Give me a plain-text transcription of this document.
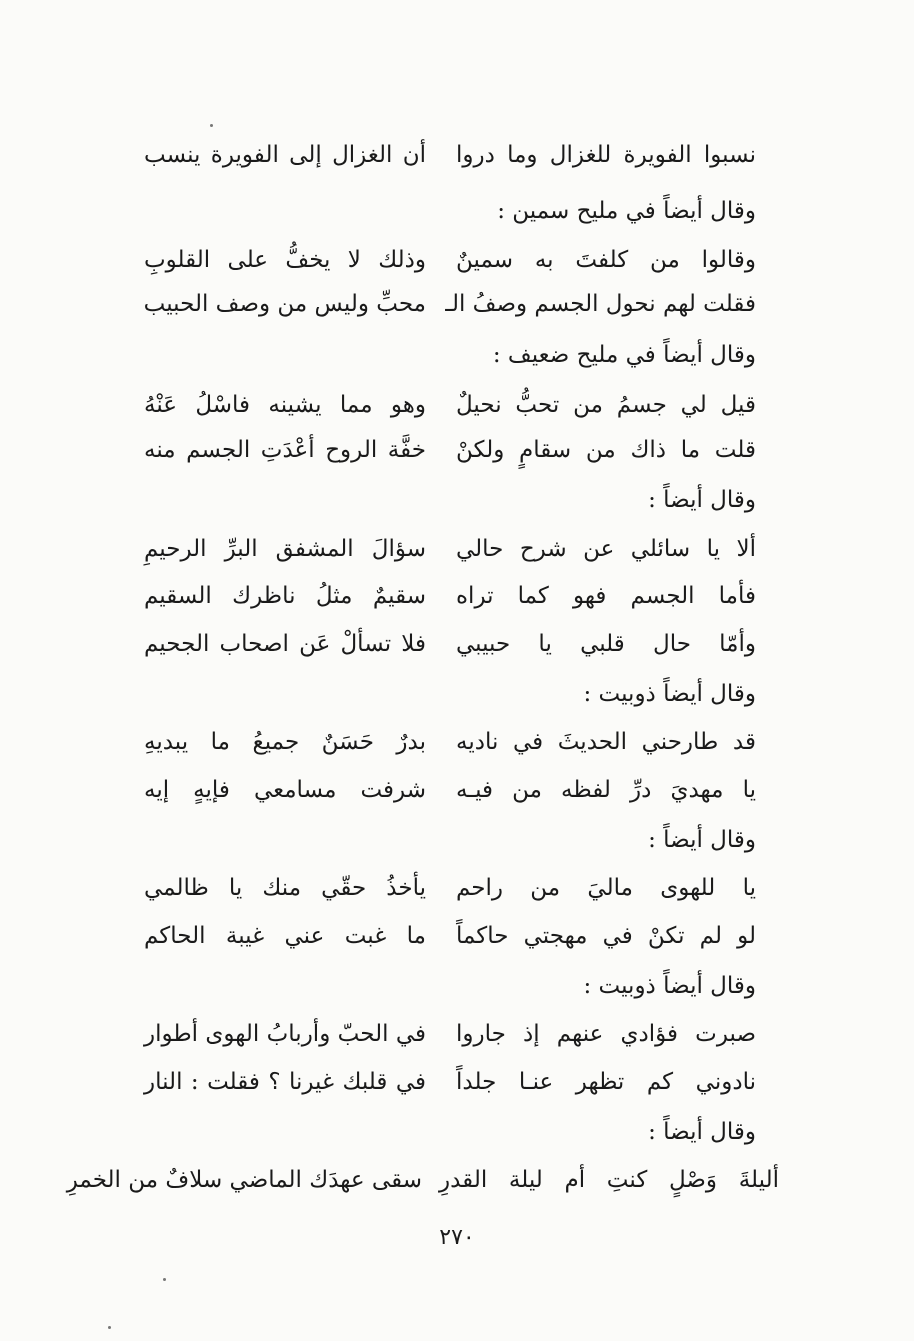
نسبوا الفويرة للغزال وما دروا
أن الغزال إلى الفويرة ينسب
وقال أيضاً في مليح سمين :
وقالوا من كلفتَ به سمينٌ
وذلك لا يخفُّ على القلوبِ
فقلت لهم نحول الجسم وصفُ الـ
محبِّ وليس من وصف الحبيب
وقال أيضاً في مليح ضعيف :
قيل لي جسمُ من تحبُّ نحيلٌ
وهو مما يشينه فاسْلُ عَنْهُ
قلت ما ذاك من سقامٍ ولكنْ
خفَّة الروح أعْدَتِ الجسم منه
وقال أيضاً :
ألا يا سائلي عن شرح حالي
سؤالَ المشفق البرِّ الرحيمِ
فأما الجسم فهو كما تراه
سقيمٌ مثلُ ناظرك السقيم
وأمّا حال قلبي يا حبيبي
فلا تسألْ عَن اصحاب الجحيم
وقال أيضاً ذوبيت :
قد طارحني الحديثَ في ناديه
بدرٌ حَسَنٌ جميعُ ما يبديهِ
يا مهديَ درِّ لفظه من فيـه
شرفت مسامعي فإيهٍ إيه
وقال أيضاً :
يا للهوى ماليَ من راحم
يأخذُ حقّي منك يا ظالمي
لو لم تكنْ في مهجتي حاكماً
ما غبت عني غيبة الحاكم
وقال أيضاً ذوبيت :
صبرت فؤادي عنهم إذ جاروا
في الحبّ وأربابُ الهوى أطوار
نادوني كم تظهر عنـا جلداً
في قلبك غيرنا ؟ فقلت : النار
وقال أيضاً :
أليلةَ وَصْلٍ كنتِ أم ليلة القدرِ
سقى عهدَك الماضي سلافٌ من الخمرِ
٢٧٠
